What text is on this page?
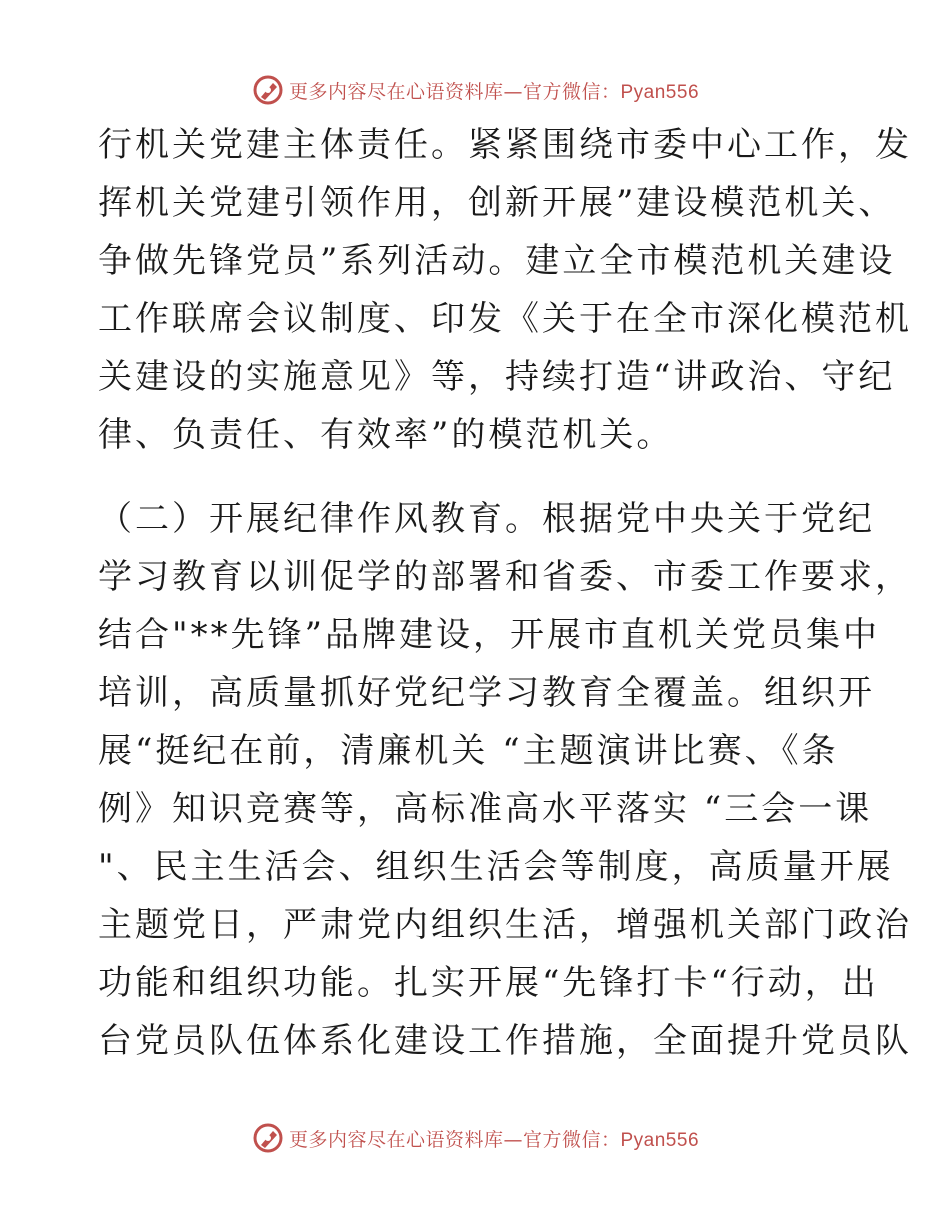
更多内容尽在心语资料库—官方微信：Pyan556
行机关党建主体责任。紧紧围绕市委中心工作，发
挥机关党建引领作用，创新开展”建设模范机关、
争做先锋党员”系列活动。建立全市模范机关建设
工作联席会议制度、印发《关于在全市深化模范机
关建设的实施意见》等，持续打造“讲政治、守纪
律、负责任、有效率”的模范机关。
（二）开展纪律作风教育。根据党中央关于党纪
学习教育以训促学的部署和省委、市委工作要求，
结合"**先锋”品牌建设，开展市直机关党员集中
培训，高质量抓好党纪学习教育全覆盖。组织开
展“挺纪在前，清廉机关 “主题演讲比赛、《条
例》知识竞赛等，高标准高水平落实 “三会一课
"、民主生活会、组织生活会等制度，高质量开展
主题党日，严肃党内组织生活，增强机关部门政治
功能和组织功能。扎实开展“先锋打卡“行动，出
台党员队伍体系化建设工作措施，全面提升党员队
更多内容尽在心语资料库—官方微信：Pyan556
